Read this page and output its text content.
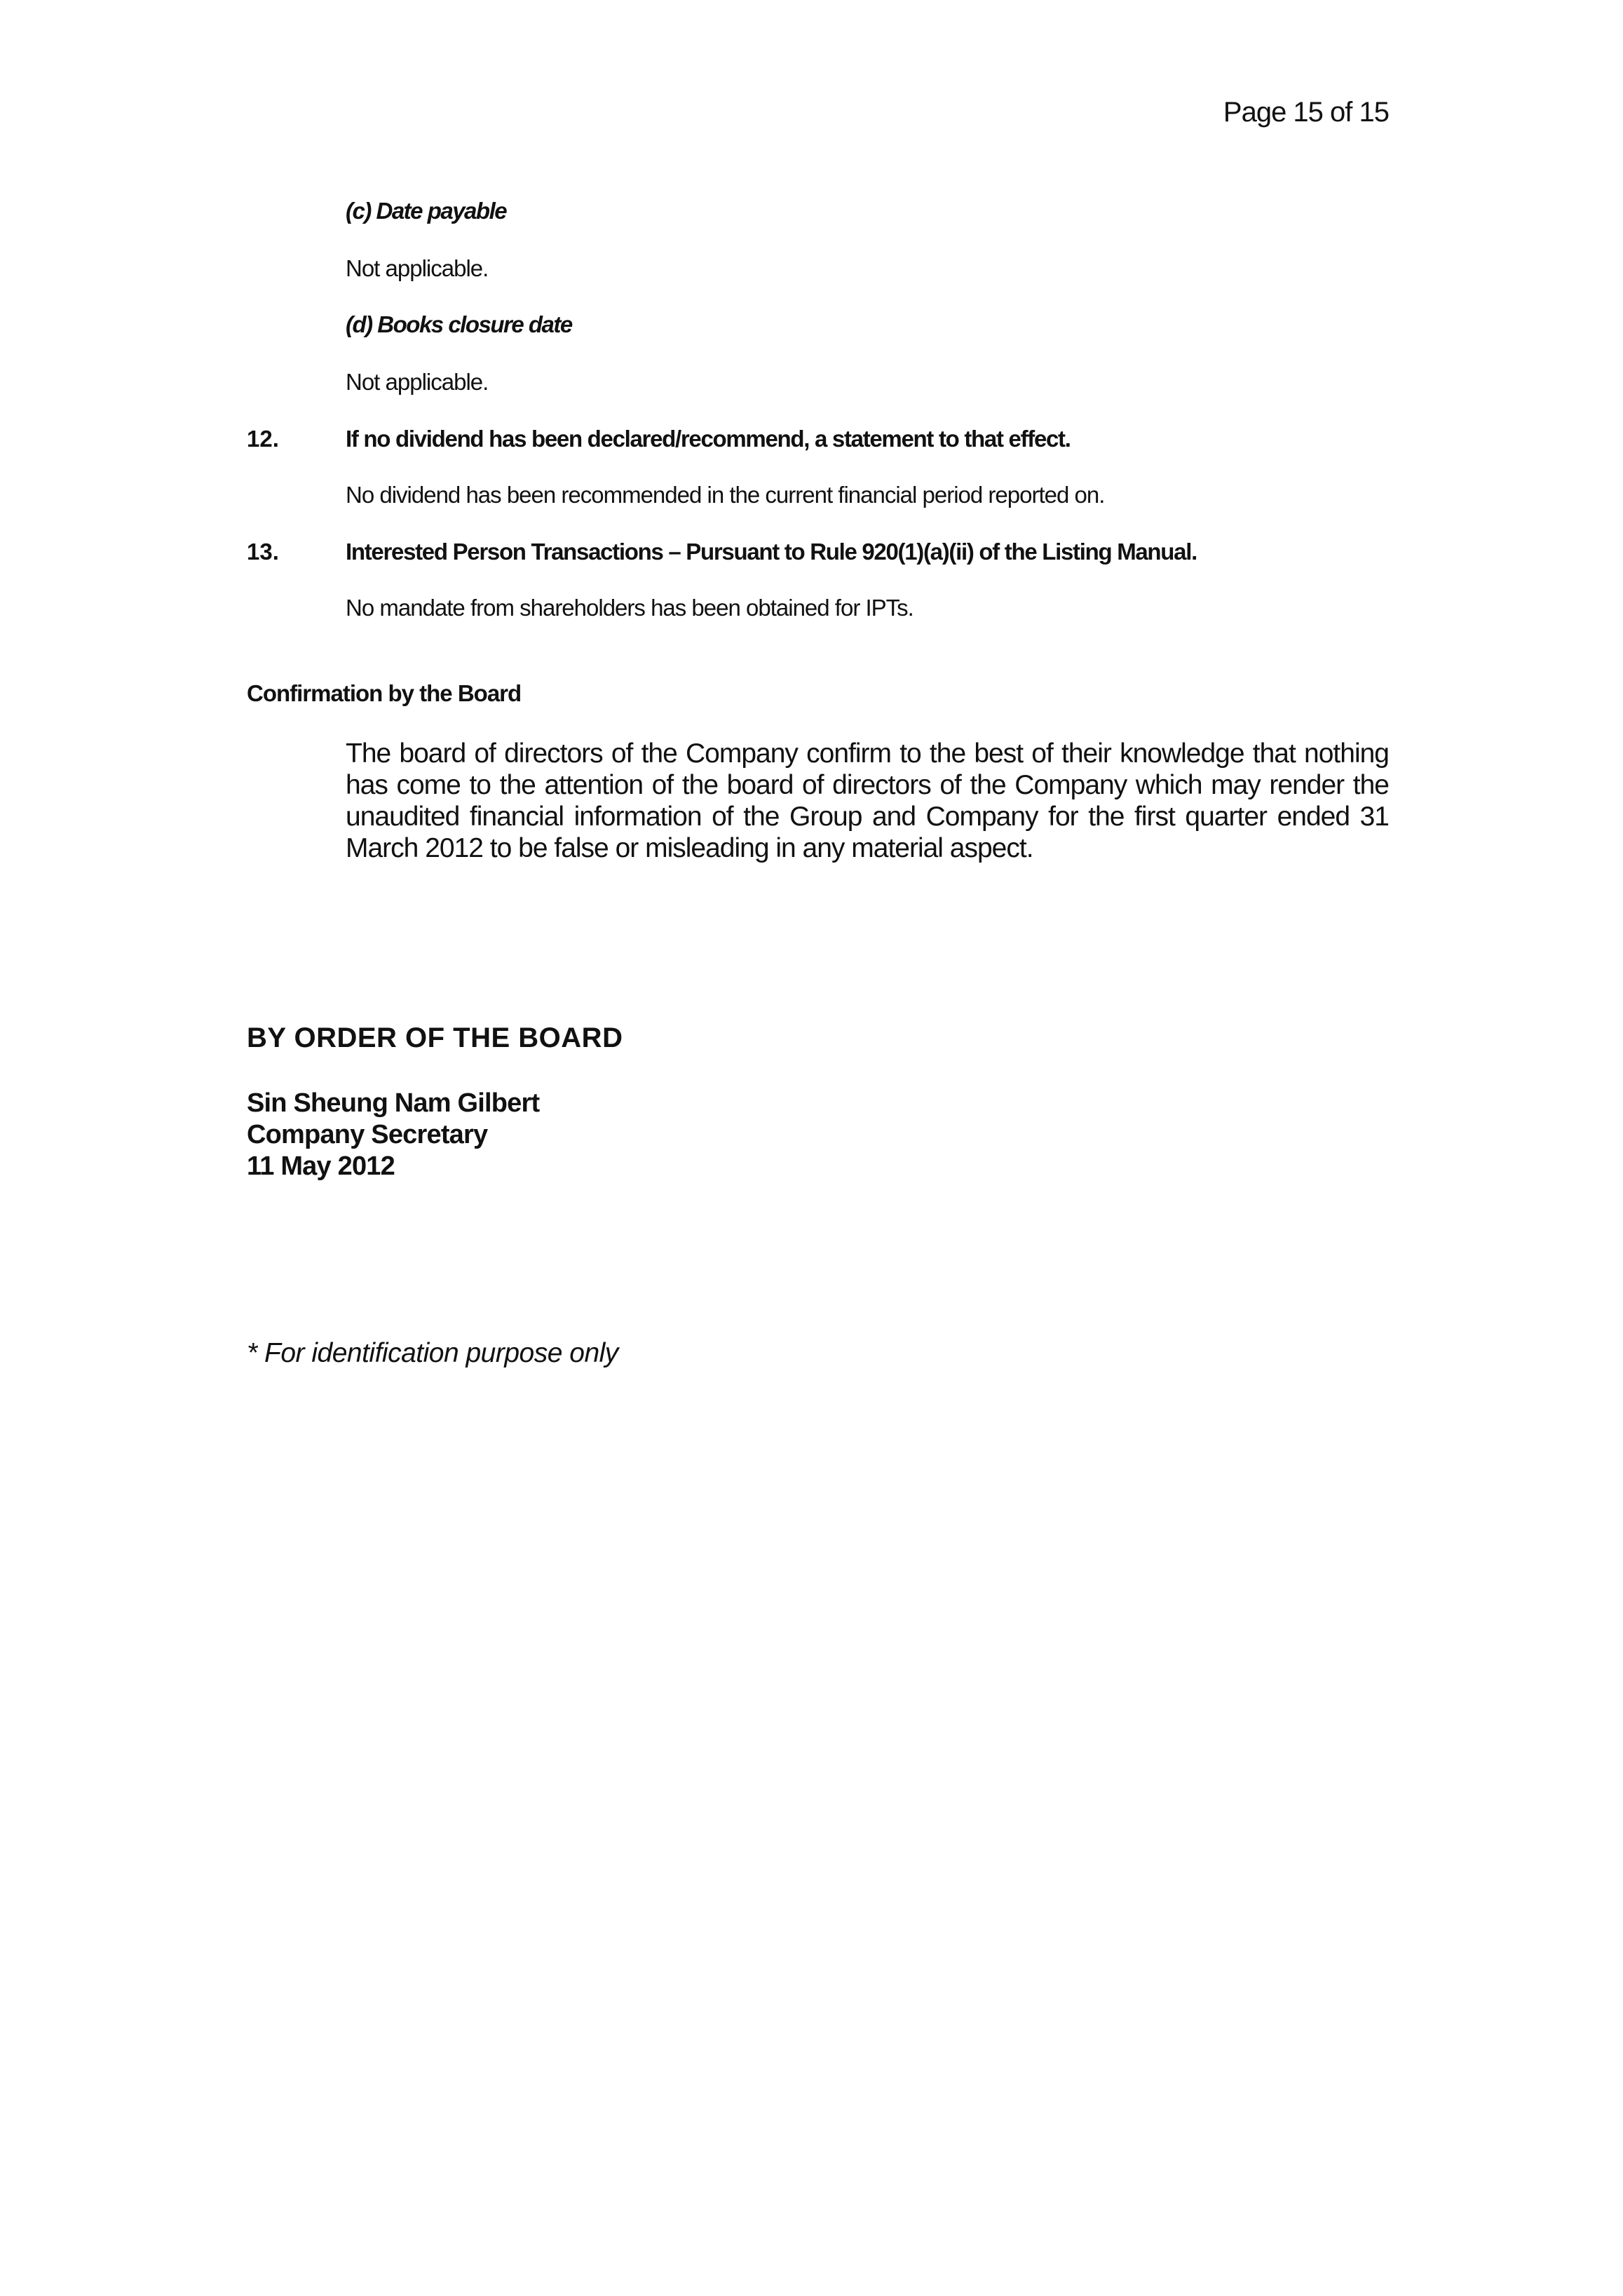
Page 15 of 15
(c) Date payable
Not applicable.
(d) Books closure date
Not applicable.
12.	If no dividend has been declared/recommend, a statement to that effect.
No dividend has been recommended in the current financial period reported on.
13.	Interested Person Transactions – Pursuant to Rule 920(1)(a)(ii) of the Listing Manual.
No mandate from shareholders has been obtained for IPTs.
Confirmation by the Board
The board of directors of the Company confirm to the best of their knowledge that nothing has come to the attention of the board of directors of the Company which may render the unaudited financial information of the Group and Company for the first quarter ended 31 March 2012 to be false or misleading in any material aspect.
BY ORDER OF THE BOARD
Sin Sheung Nam Gilbert
Company Secretary
11 May 2012
* For identification purpose only
